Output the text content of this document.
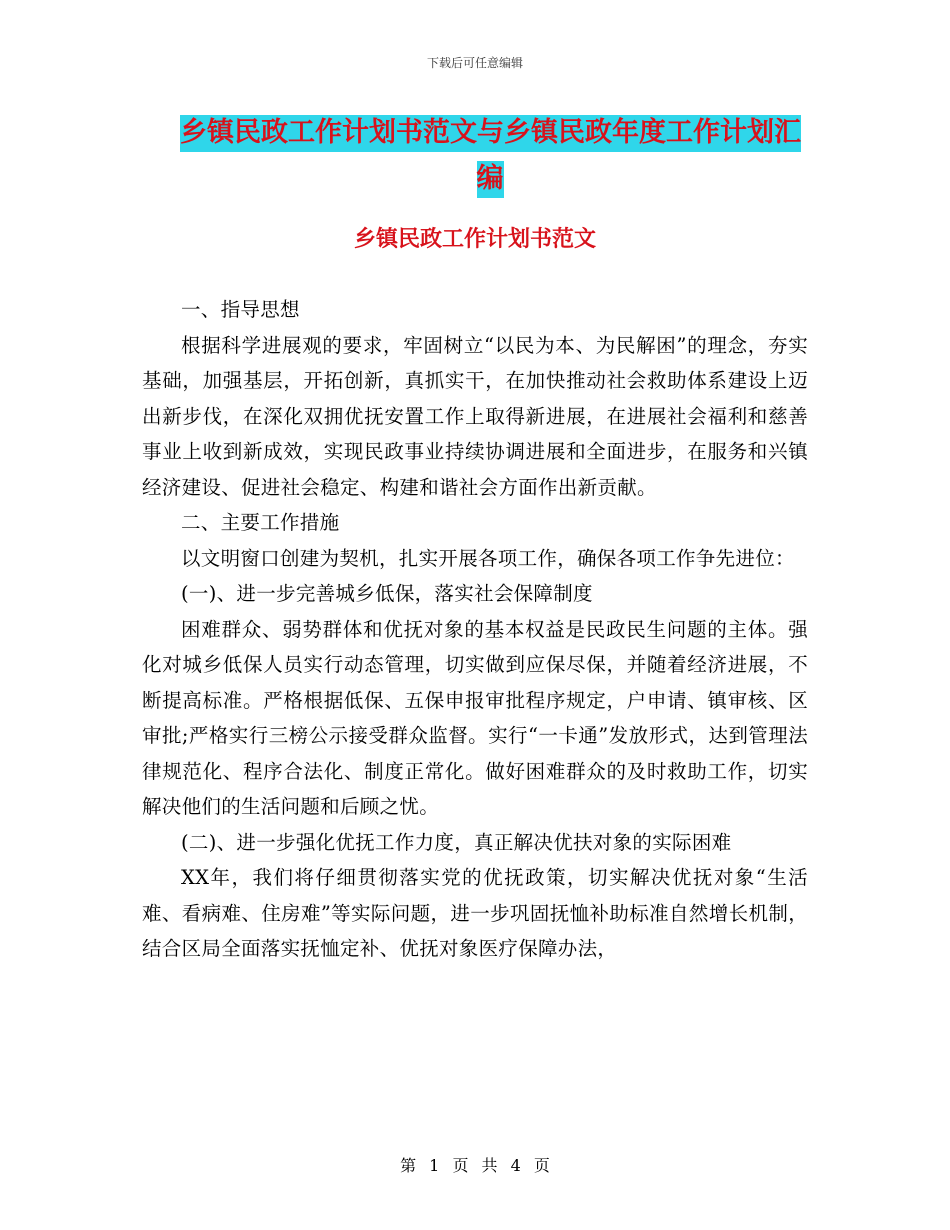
下载后可任意编辑
乡镇民政工作计划书范文与乡镇民政年度工作计划汇
编
乡镇民政工作计划书范文

一、指导思想

根据科学进展观的要求，牢固树立“以民为本、为民解困”的理念，夯实基础，加强基层，开拓创新，真抓实干，在加快推动社会救助体系建设上迈出新步伐，在深化双拥优抚安置工作上取得新进展，在进展社会福利和慈善事业上收到新成效，实现民政事业持续协调进展和全面进步，在服务和兴镇经济建设、促进社会稳定、构建和谐社会方面作出新贡献。

二、主要工作措施

以文明窗口创建为契机，扎实开展各项工作，确保各项工作争先进位：

(一)、进一步完善城乡低保，落实社会保障制度

困难群众、弱势群体和优抚对象的基本权益是民政民生问题的主体。强化对城乡低保人员实行动态管理，切实做到应保尽保，并随着经济进展，不断提高标准。严格根据低保、五保申报审批程序规定，户申请、镇审核、区审批;严格实行三榜公示接受群众监督。实行“一卡通”发放形式，达到管理法律规范化、程序合法化、制度正常化。做好困难群众的及时救助工作，切实解决他们的生活问题和后顾之忧。

(二)、进一步强化优抚工作力度，真正解决优扶对象的实际困难

XX年，我们将仔细贯彻落实党的优抚政策，切实解决优抚对象“生活难、看病难、住房难”等实际问题，进一步巩固抚恤补助标准自然增长机制，结合区局全面落实抚恤定补、优抚对象医疗保障办法，

第 1 页 共 4 页
